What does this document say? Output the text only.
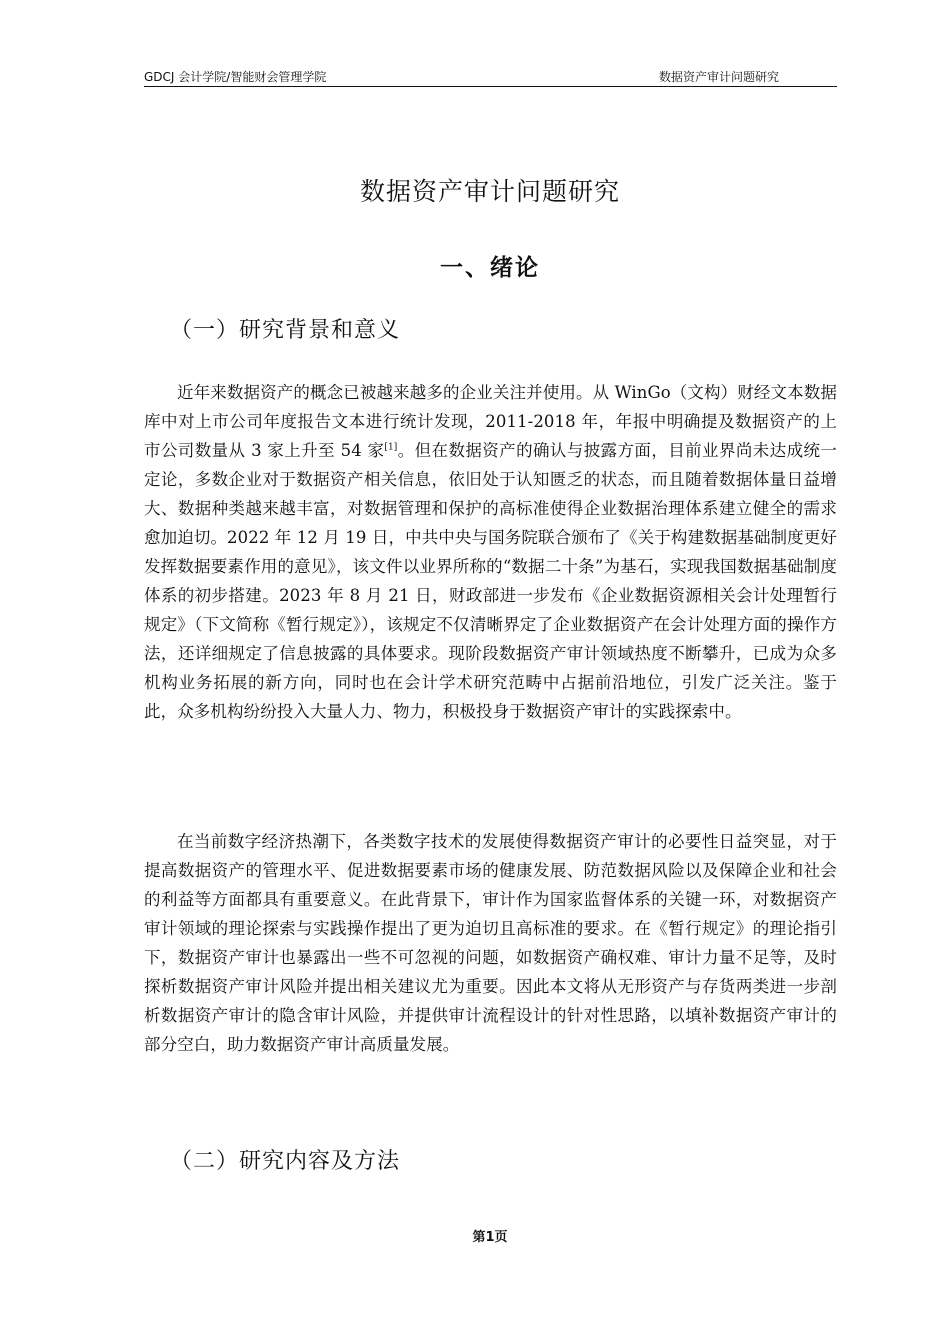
GDCJ 会计学院/智能财会管理学院	数据资产审计问题研究
数据资产审计问题研究
一、绪论
（一）研究背景和意义

近年来数据资产的概念已被越来越多的企业关注并使用。从 WinGo（文构）财经文本数据库中对上市公司年度报告文本进行统计发现，2011-2018 年，年报中明确提及数据资产的上市公司数量从 3 家上升至 54 家[1]。但在数据资产的确认与披露方面，目前业界尚未达成统一定论，多数企业对于数据资产相关信息，依旧处于认知匮乏的状态，而且随着数据体量日益增大、数据种类越来越丰富，对数据管理和保护的高标准使得企业数据治理体系建立健全的需求愈加迫切。2022 年 12 月 19 日，中共中央与国务院联合颁布了《关于构建数据基础制度更好发挥数据要素作用的意见》，该文件以业界所称的“数据二十条”为基石，实现我国数据基础制度体系的初步搭建。2023 年 8 月 21 日，财政部进一步发布《企业数据资源相关会计处理暂行规定》（下文简称《暂行规定》），该规定不仅清晰界定了企业数据资产在会计处理方面的操作方法，还详细规定了信息披露的具体要求。现阶段数据资产审计领域热度不断攀升，已成为众多机构业务拓展的新方向，同时也在会计学术研究范畴中占据前沿地位，引发广泛关注。鉴于此，众多机构纷纷投入大量人力、物力，积极投身于数据资产审计的实践探索中。

在当前数字经济热潮下，各类数字技术的发展使得数据资产审计的必要性日益突显，对于提高数据资产的管理水平、促进数据要素市场的健康发展、防范数据风险以及保障企业和社会的利益等方面都具有重要意义。在此背景下，审计作为国家监督体系的关键一环，对数据资产审计领域的理论探索与实践操作提出了更为迫切且高标准的要求。在《暂行规定》的理论指引下，数据资产审计也暴露出一些不可忽视的问题，如数据资产确权难、审计力量不足等，及时探析数据资产审计风险并提出相关建议尤为重要。因此本文将从无形资产与存货两类进一步剖析数据资产审计的隐含审计风险，并提供审计流程设计的针对性思路，以填补数据资产审计的部分空白，助力数据资产审计高质量发展。

（二）研究内容及方法
第1页
